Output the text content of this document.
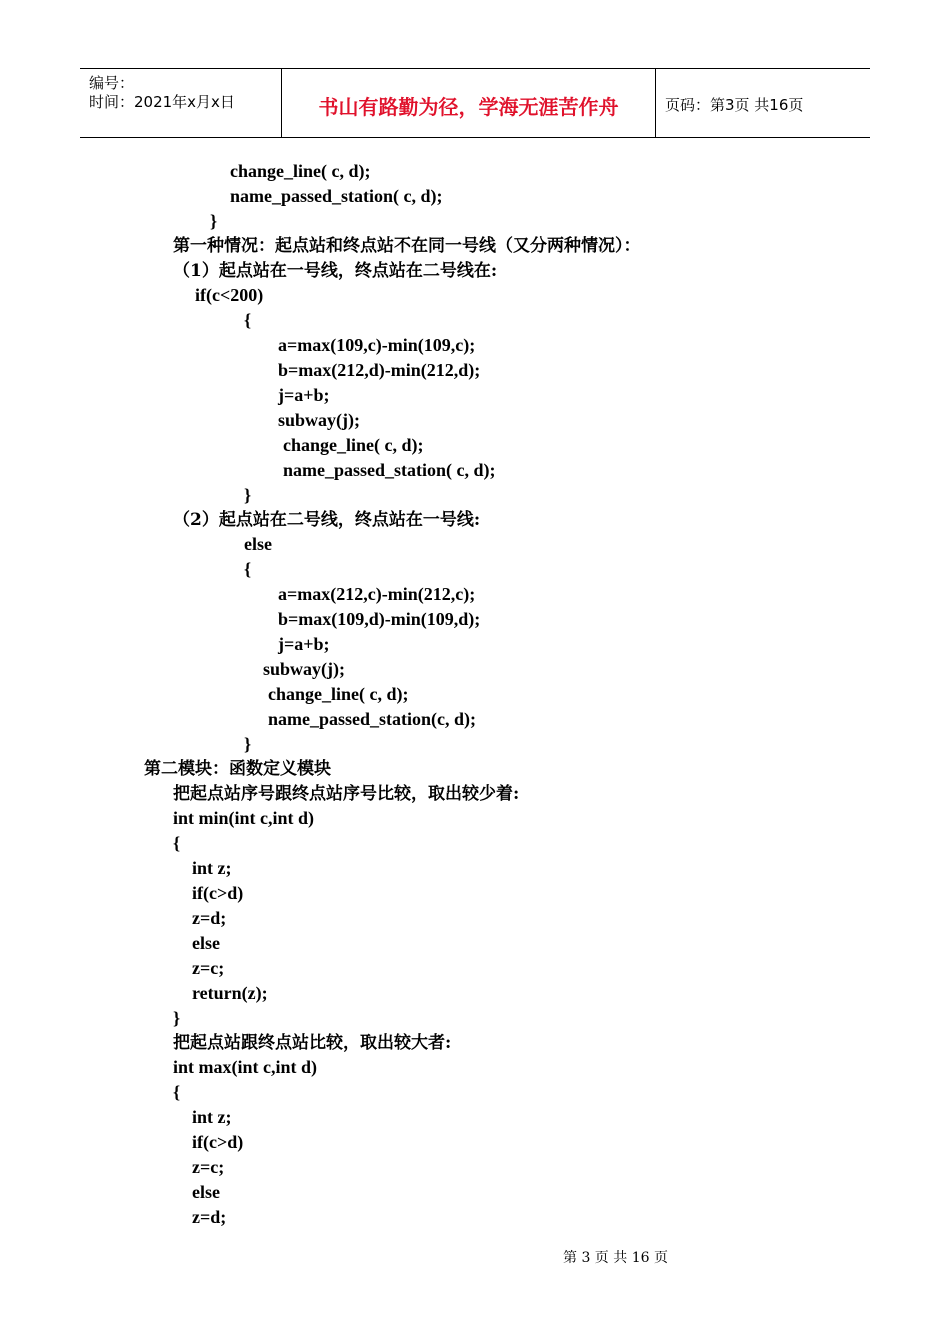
编号：
时间：2021年x月x日	书山有路勤为径，学海无涯苦作舟	页码：第3页 共16页
change_line( c, d);
name_passed_station( c, d);
}
第一种情况：起点站和终点站不在同一号线（又分两种情况）：
（1）起点站在一号线，终点站在二号线在:
if(c<200)
{
a=max(109,c)-min(109,c);
b=max(212,d)-min(212,d);
j=a+b;
subway(j);
change_line( c, d);
name_passed_station( c, d);
}
（2）起点站在二号线，终点站在一号线:
else
{
a=max(212,c)-min(212,c);
b=max(109,d)-min(109,d);
j=a+b;
subway(j);
change_line( c, d);
name_passed_station(c, d);
}
第二模块：函数定义模块
把起点站序号跟终点站序号比较，取出较少着:
int min(int c,int d)
{
int z;
if(c>d)
z=d;
else
z=c;
return(z);
}
把起点站跟终点站比较，取出较大者:
int max(int c,int d)
{
int z;
if(c>d)
z=c;
else
z=d;
第 3 页 共 16 页
